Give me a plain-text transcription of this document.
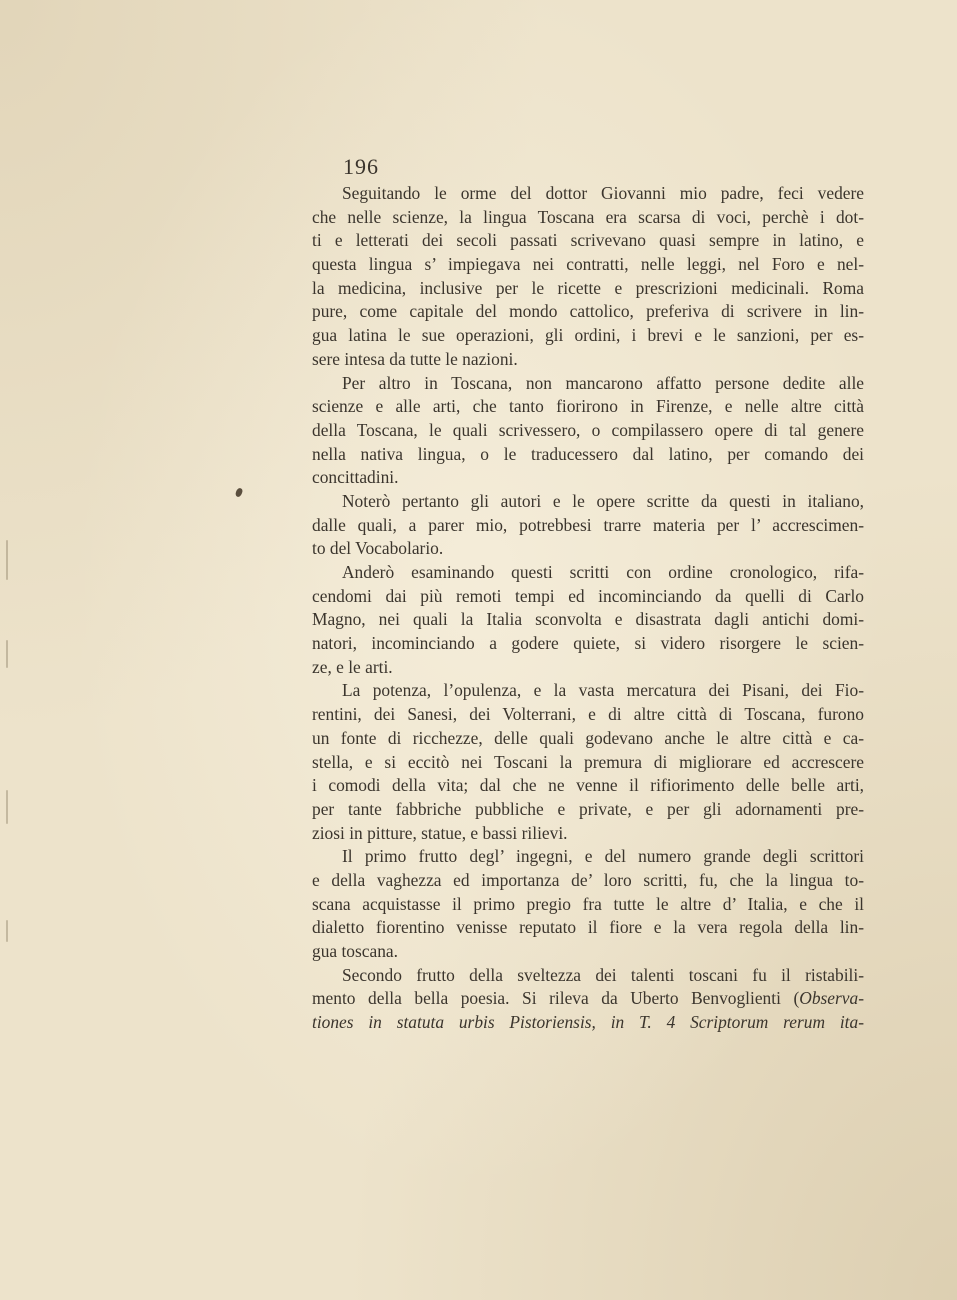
196
Seguitando le orme del dottor Giovanni mio padre, feci vedere
che nelle scienze, la lingua Toscana era scarsa di voci, perchè i dot-
ti e letterati dei secoli passati scrivevano quasi sempre in latino, e
questa lingua s’ impiegava nei contratti, nelle leggi, nel Foro e nel-
la medicina, inclusive per le ricette e prescrizioni medicinali. Roma
pure, come capitale del mondo cattolico, preferiva di scrivere in lin-
gua latina le sue operazioni, gli ordini, i brevi e le sanzioni, per es-
sere intesa da tutte le nazioni.
Per altro in Toscana, non mancarono affatto persone dedite alle
scienze e alle arti, che tanto fiorirono in Firenze, e nelle altre città
della Toscana, le quali scrivessero, o compilassero opere di tal genere
nella nativa lingua, o le traducessero dal latino, per comando dei
concittadini.
Noterò pertanto gli autori e le opere scritte da questi in italiano,
dalle quali, a parer mio, potrebbesi trarre materia per l’ accrescimen-
to del Vocabolario.
Anderò esaminando questi scritti con ordine cronologico, rifa-
cendomi dai più remoti tempi ed incominciando da quelli di Carlo
Magno, nei quali la Italia sconvolta e disastrata dagli antichi domi-
natori, incominciando a godere quiete, si videro risorgere le scien-
ze, e le arti.
La potenza, l’opulenza, e la vasta mercatura dei Pisani, dei Fio-
rentini, dei Sanesi, dei Volterrani, e di altre città di Toscana, furono
un fonte di ricchezze, delle quali godevano anche le altre città e ca-
stella, e si eccitò nei Toscani la premura di migliorare ed accrescere
i comodi della vita; dal che ne venne il rifiorimento delle belle arti,
per tante fabbriche pubbliche e private, e per gli adornamenti pre-
ziosi in pitture, statue, e bassi rilievi.
Il primo frutto degl’ ingegni, e del numero grande degli scrittori
e della vaghezza ed importanza de’ loro scritti, fu, che la lingua to-
scana acquistasse il primo pregio fra tutte le altre d’ Italia, e che il
dialetto fiorentino venisse reputato il fiore e la vera regola della lin-
gua toscana.
Secondo frutto della sveltezza dei talenti toscani fu il ristabili-
mento della bella poesia. Si rileva da Uberto Benvoglienti (Observa-
tiones in statuta urbis Pistoriensis, in T. 4 Scriptorum rerum ita-
